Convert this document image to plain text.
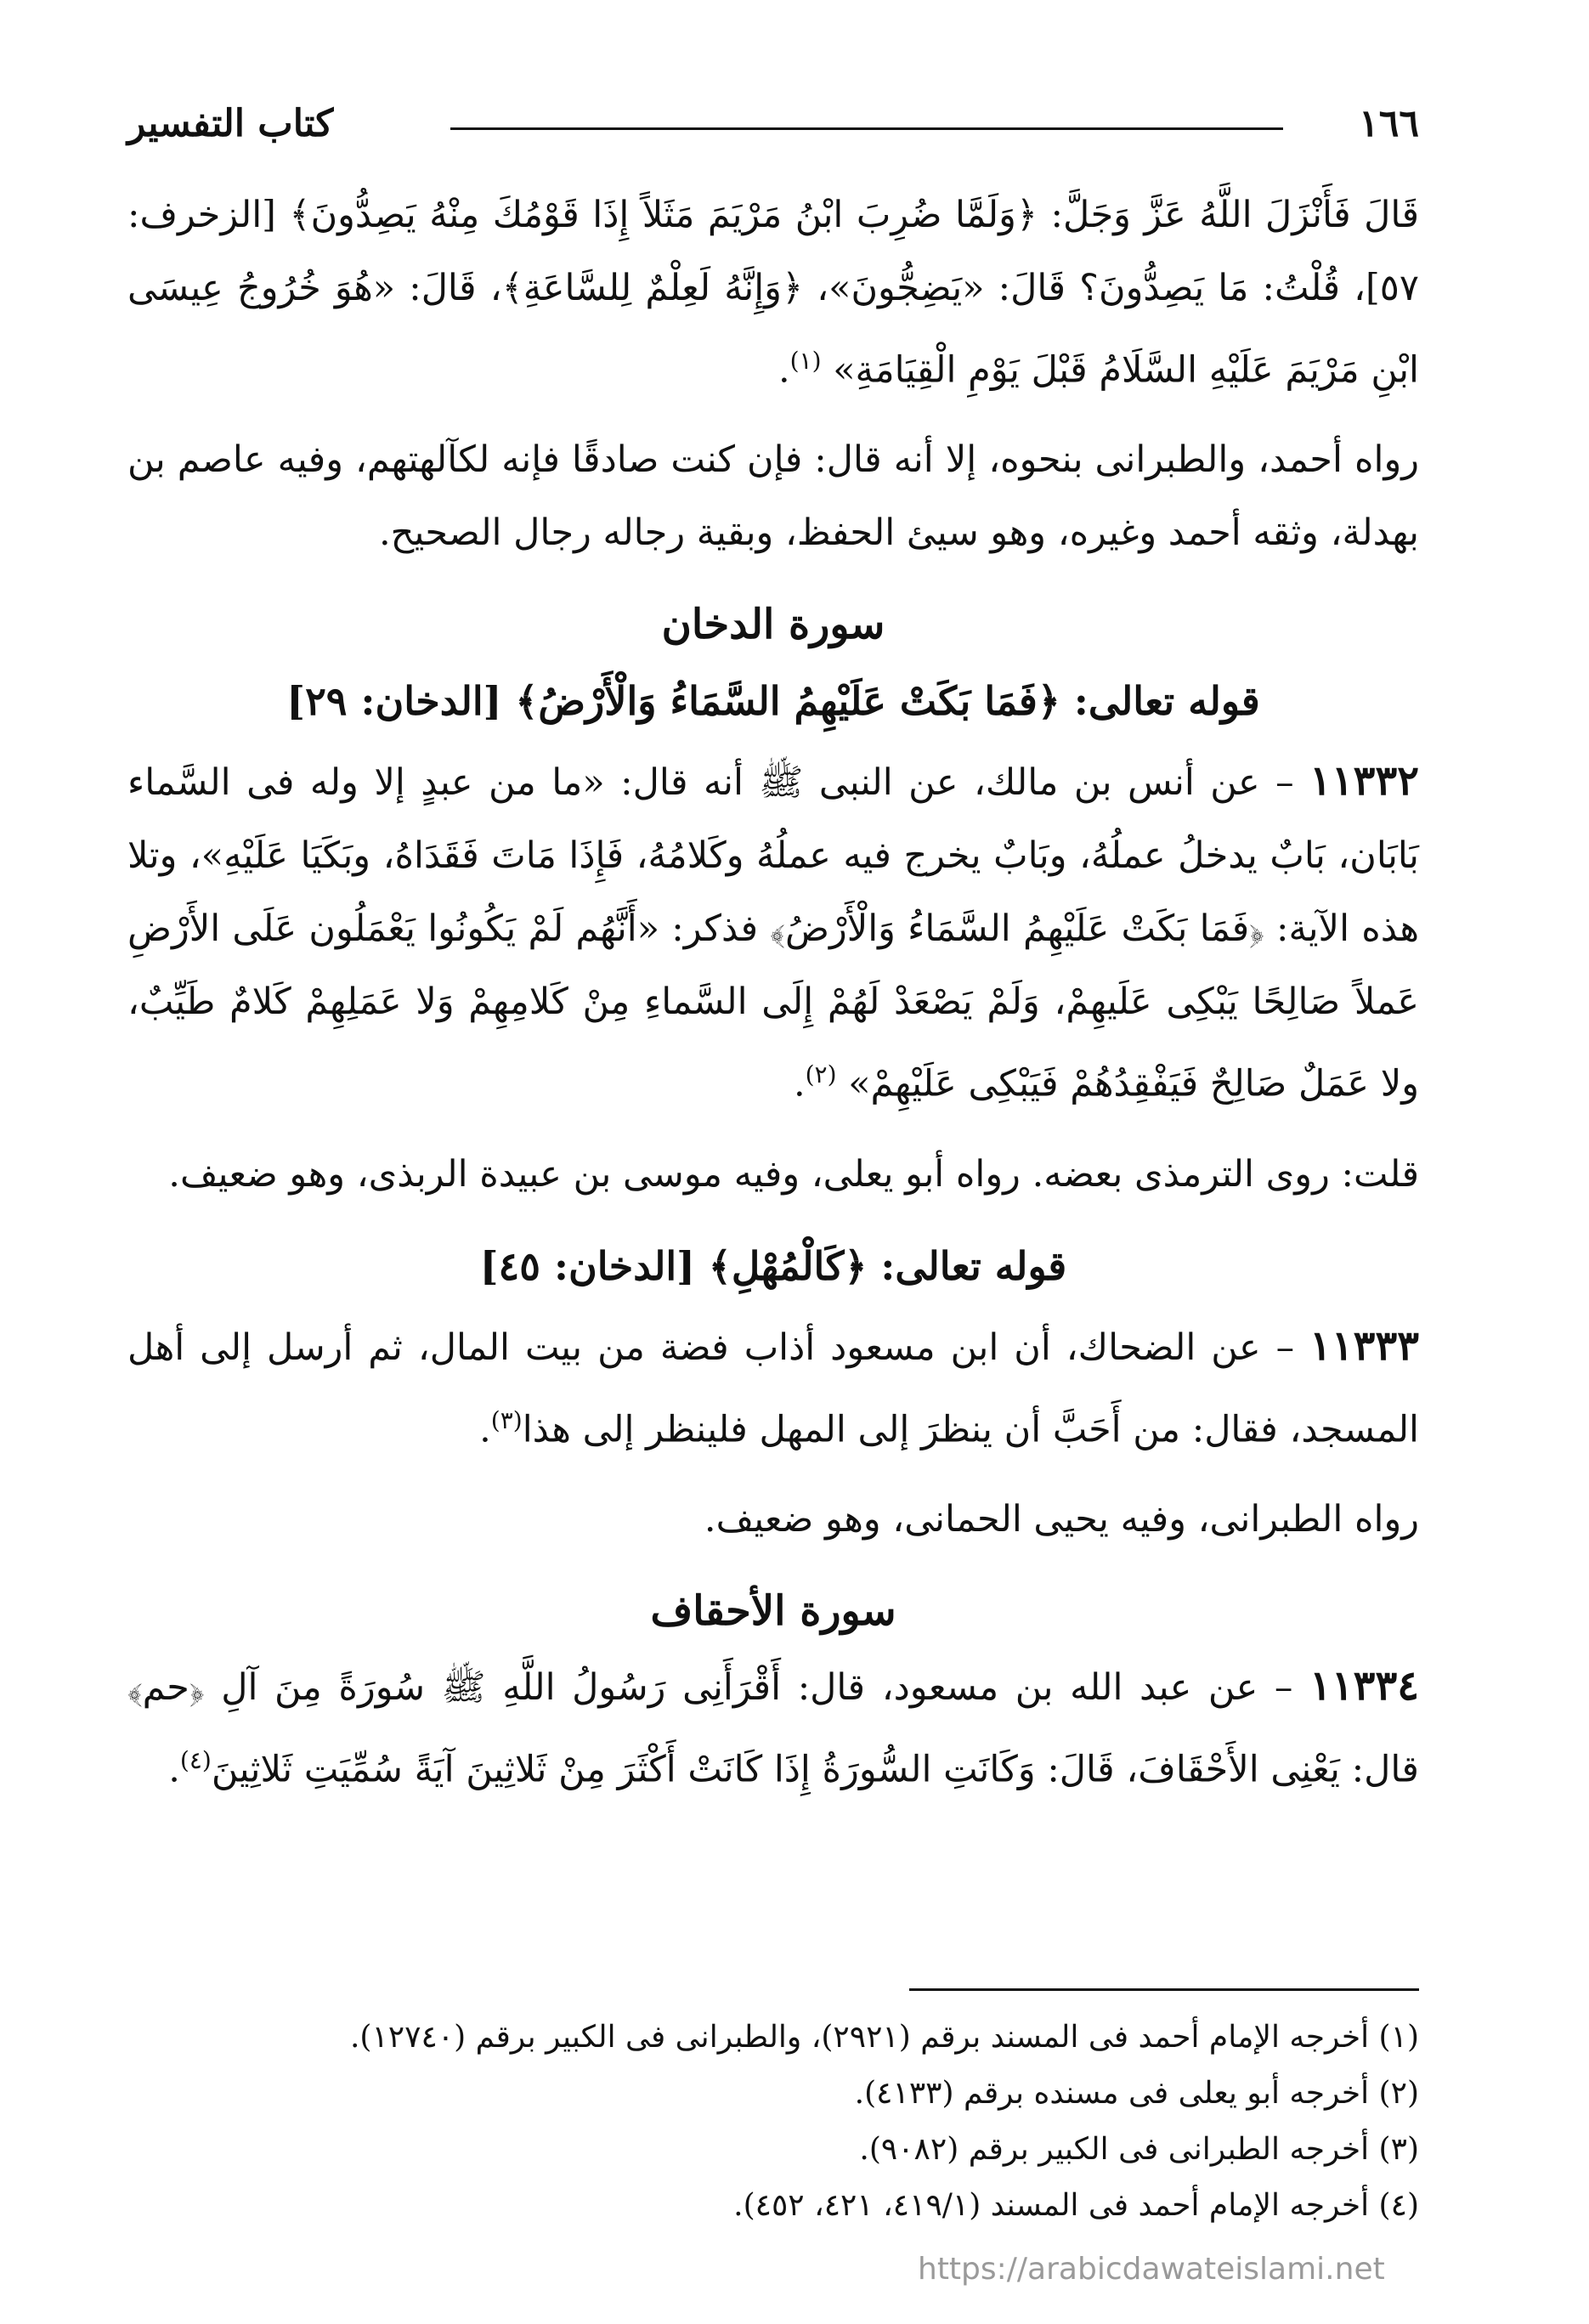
١٦٦
كتاب التفسير

قَالَ فَأَنْزَلَ اللَّهُ عَزَّ وَجَلَّ: ﴿وَلَمَّا ضُرِبَ ابْنُ مَرْيَمَ مَثَلاً إِذَا قَوْمُكَ مِنْهُ يَصِدُّونَ﴾ [الزخرف: ٥٧]، قُلْتُ: مَا يَصِدُّونَ؟ قَالَ: «يَضِجُّونَ»، ﴿وَإِنَّهُ لَعِلْمٌ لِلسَّاعَةِ﴾، قَالَ: «هُوَ خُرُوجُ عِيسَى ابْنِ مَرْيَمَ عَلَيْهِ السَّلَامُ قَبْلَ يَوْمِ الْقِيَامَةِ» $^{(١)}$.

رواه أحمد، والطبرانى بنحوه، إلا أنه قال: فإن كنت صادقًا فإنه لكآلهتهم، وفيه عاصم بن بهدلة، وثقه أحمد وغيره، وهو سيئ الحفظ، وبقية رجاله رجال الصحيح.

سورة الدخان

قوله تعالى: ﴿فَمَا بَكَتْ عَلَيْهِمُ السَّمَاءُ وَالْأَرْضُ﴾ [الدخان: ٢٩]

١١٣٣٢ – عن أنس بن مالك، عن النبى ﷺ أنه قال: «ما من عبدٍ إلا وله فى السَّماء بَابَان، بَابٌ يدخلُ عملُهُ، وبَابٌ يخرج فيه عملُهُ وكَلامُهُ، فَإِذَا مَاتَ فَقَدَاهُ، وبَكَيَا عَلَيْهِ»، وتلا هذه الآية: ﴿فَمَا بَكَتْ عَلَيْهِمُ السَّمَاءُ وَالْأَرْضُ﴾ فذكر: «أَنَّهُم لَمْ يَكُونُوا يَعْمَلُون عَلَى الأَرْضِ عَملاً صَالِحًا يَبْكِى عَلَيهِمْ، وَلَمْ يَصْعَدْ لَهُمْ إِلَى السَّماءِ مِنْ كَلامِهِمْ وَلا عَمَلِهِمْ كَلامٌ طَيِّبٌ، ولا عَمَلٌ صَالِحٌ فَيَفْقِدُهُمْ فَيَبْكِى عَلَيْهِمْ» $^{(٢)}$.

قلت: روى الترمذى بعضه. رواه أبو يعلى، وفيه موسى بن عبيدة الربذى، وهو ضعيف.

قوله تعالى: ﴿كَالْمُهْلِ﴾ [الدخان: ٤٥]

١١٣٣٣ – عن الضحاك، أن ابن مسعود أذاب فضة من بيت المال، ثم أرسل إلى أهل المسجد، فقال: من أَحَبَّ أن ينظرَ إلى المهل فلينظر إلى هذا$^{(٣)}$.

رواه الطبرانى، وفيه يحيى الحمانى، وهو ضعيف.

سورة الأحقاف

١١٣٣٤ – عن عبد الله بن مسعود، قال: أَقْرَأَنِى رَسُولُ اللَّهِ ﷺ سُورَةً مِنَ آلِ ﴿حم﴾ قال: يَعْنِى الأَحْقَافَ، قَالَ: وَكَانَتِ السُّورَةُ إِذَا كَانَتْ أَكْثَرَ مِنْ ثَلاثِينَ آيَةً سُمِّيَتِ ثَلاثِينَ$^{(٤)}$.

(١) أخرجه الإمام أحمد فى المسند برقم (٢٩٢١)، والطبرانى فى الكبير برقم (١٢٧٤٠).

(٢) أخرجه أبو يعلى فى مسنده برقم (٤١٣٣).

(٣) أخرجه الطبرانى فى الكبير برقم (٩٠٨٢).

(٤) أخرجه الإمام أحمد فى المسند (٤١٩/١، ٤٢١، ٤٥٢).

https://arabicdawateislami.net
